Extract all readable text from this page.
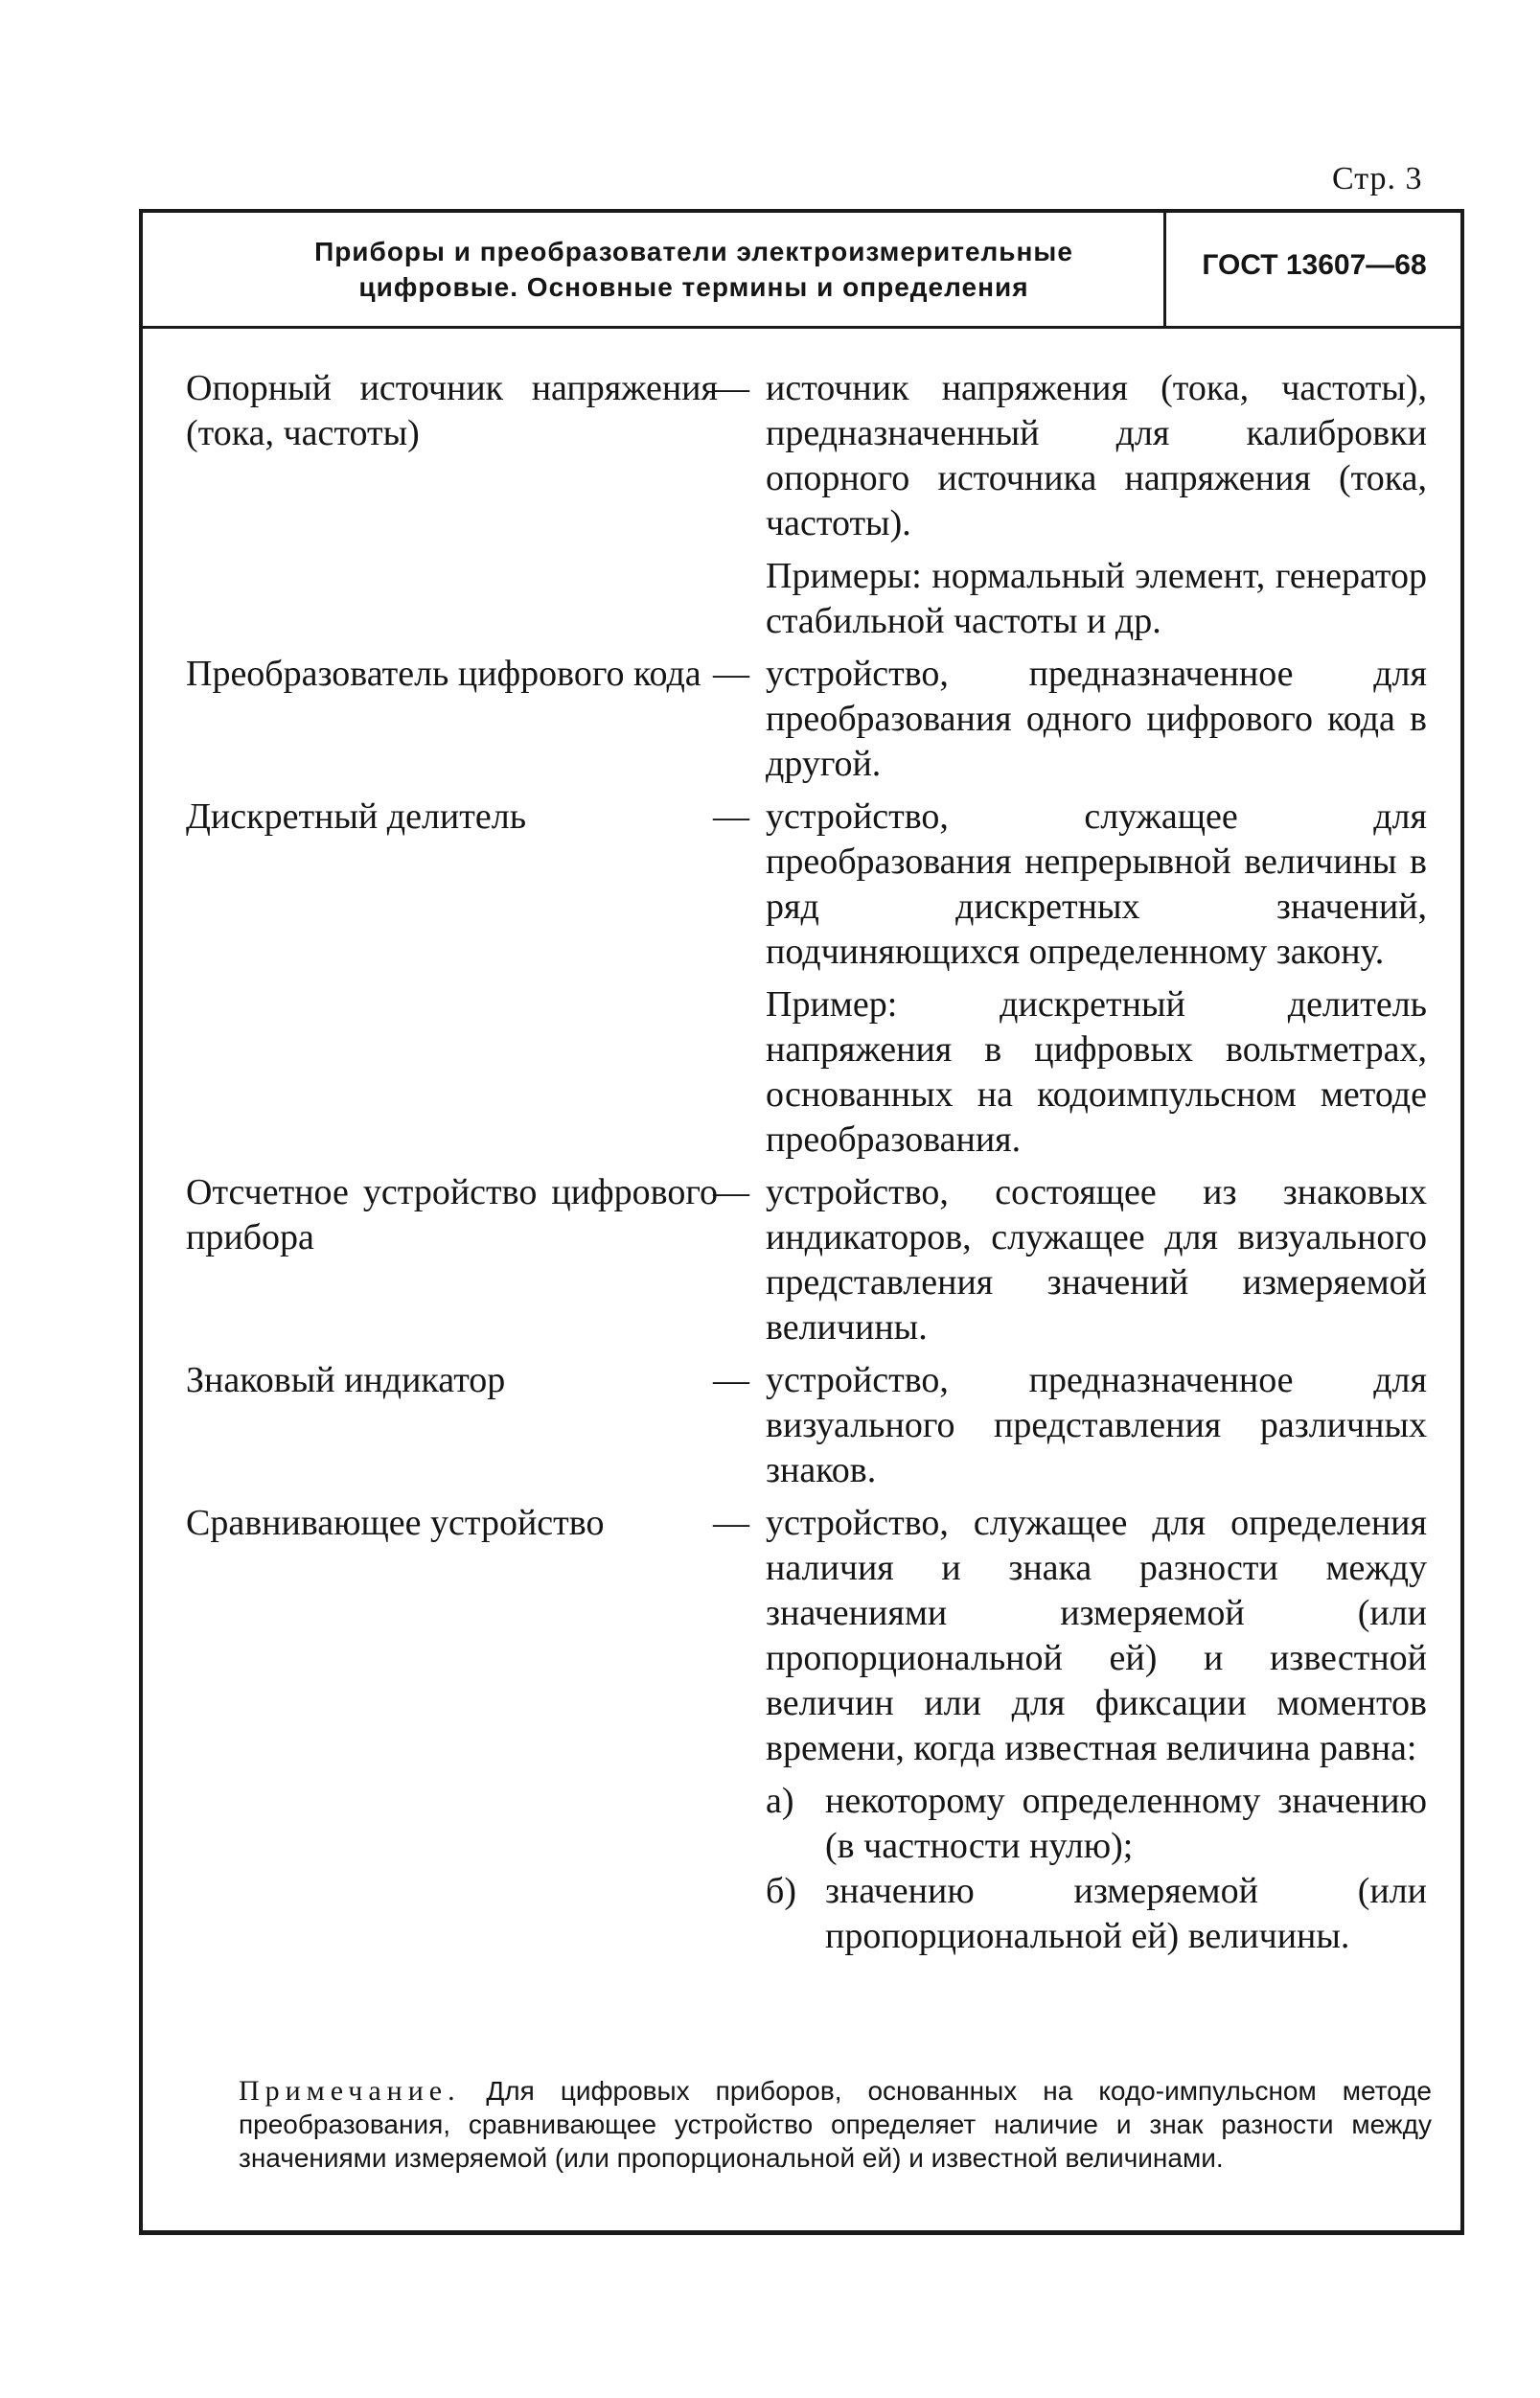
Стр. 3
Приборы и преобразователи электроизмерительные
цифровые. Основные термины и определения
ГОСТ 13607—68
Опорный источник напряжения (тока, частоты)
— источник напряжения (тока, частоты), предназначенный для калибровки опорного источника напряжения (тока, частоты).

Примеры: нормальный элемент, генератор стабильной частоты и др.

Преобразователь цифрового кода — устройство, предназначенное для преобразования одного цифрового кода в другой.

Дискретный делитель	— устройство, служащее для преобразования непрерывной величины в ряд дискретных значений, подчиняющихся определенному закону.

Пример: дискретный делитель напряжения в цифровых вольтметрах, основанных на кодоимпульсном методе преобразования.

Отсчетное устройство цифрового прибора
— устройство, состоящее из знаковых индикаторов, служащее для визуального представления значений измеряемой величины.

Знаковый индикатор	— устройство, предназначенное для визуального представления различных знаков.

Сравнивающее устройство	— устройство, служащее для определения наличия и знака разности между значениями измеряемой (или пропорциональной ей) и известной величин или для фиксации моментов времени, когда известная величина равна:

а) некоторому определенному значению (в частности нулю);
б) значению измеряемой (или пропорциональной ей) величины.
Примечание. Для цифровых приборов, основанных на кодо-импульсном методе преобразования, сравнивающее устройство определяет наличие и знак разности между значениями измеряемой (или пропорциональной ей) и известной величинами.
